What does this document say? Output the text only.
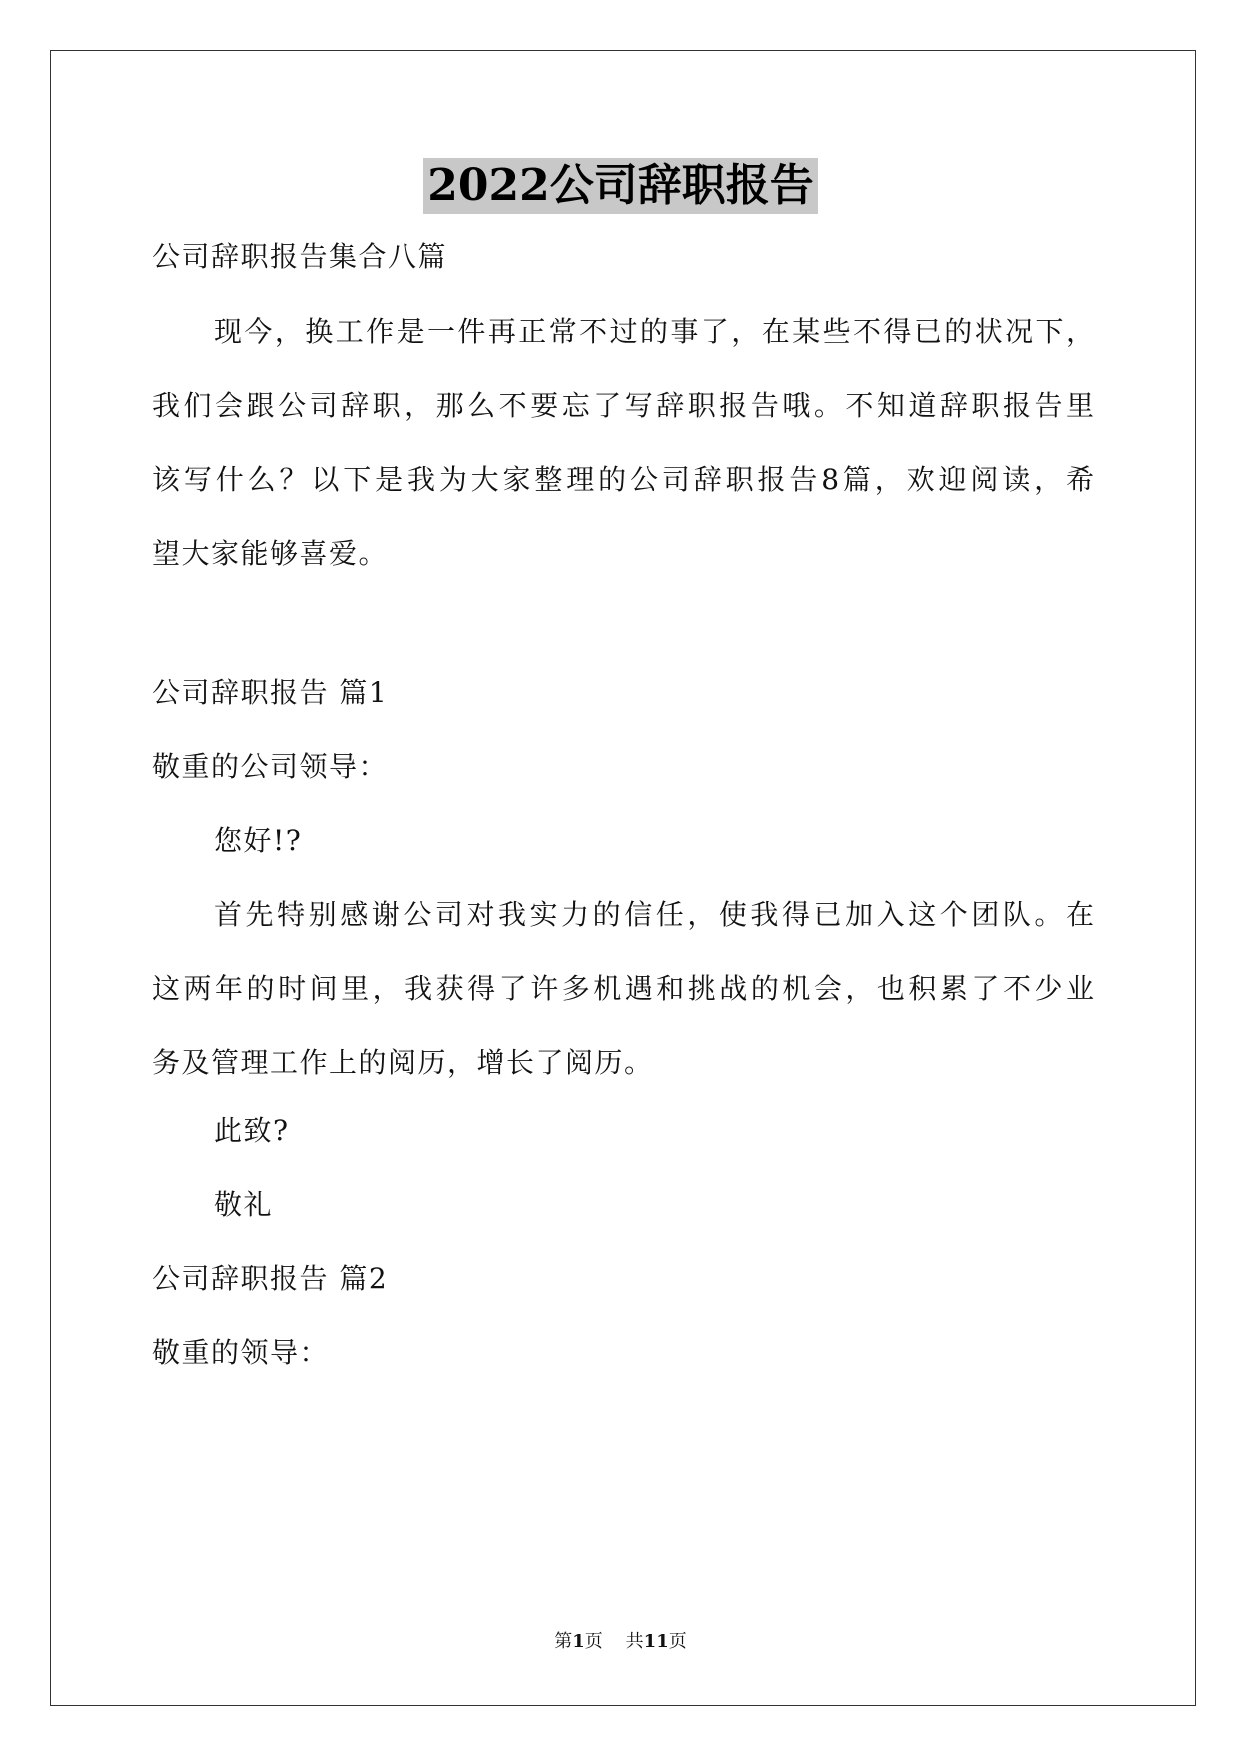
2022公司辞职报告
公司辞职报告集合八篇
现今，换工作是一件再正常不过的事了，在某些不得已的状况下，
我们会跟公司辞职，那么不要忘了写辞职报告哦。不知道辞职报告里
该写什么？以下是我为大家整理的公司辞职报告8篇，欢迎阅读，希
望大家能够喜爱。
公司辞职报告 篇1
敬重的公司领导：
您好!?
首先特别感谢公司对我实力的信任，使我得已加入这个团队。在
这两年的时间里，我获得了许多机遇和挑战的机会，也积累了不少业
务及管理工作上的阅历，增长了阅历。
此致?
敬礼
公司辞职报告 篇2
敬重的领导：
第1页 共11页
